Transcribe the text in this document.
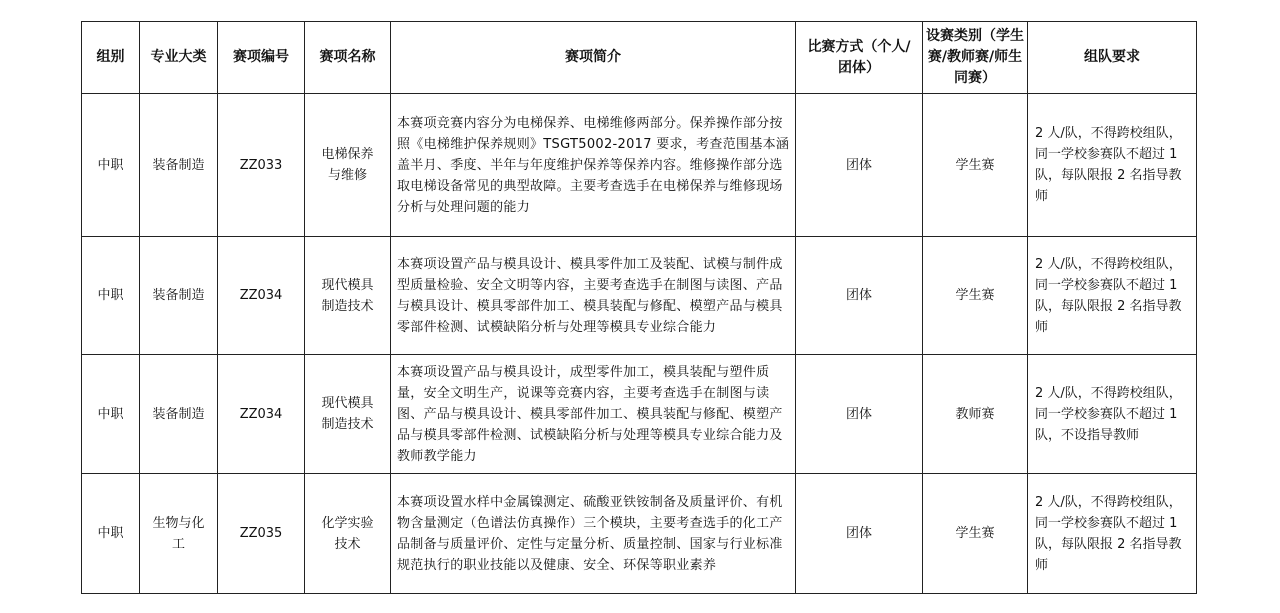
组别	专业大类	赛项编号	赛项名称	赛项简介	比赛方式（个人/团体）	设赛类别（学生赛/教师赛/师生同赛）	组队要求
中职	装备制造	ZZ033	电梯保养与维修	本赛项竞赛内容分为电梯保养、电梯维修两部分。保养操作部分按照《电梯维护保养规则》TSGT5002-2017 要求，考查范围基本涵盖半月、季度、半年与年度维护保养等保养内容。维修操作部分选取电梯设备常见的典型故障。主要考查选手在电梯保养与维修现场分析与处理问题的能力	团体	学生赛	2 人/队，不得跨校组队，同一学校参赛队不超过 1 队，每队限报 2 名指导教师

中职	装备制造	ZZ034	现代模具制造技术	本赛项设置产品与模具设计、模具零件加工及装配、试模与制件成型质量检验、安全文明等内容，主要考查选手在制图与读图、产品与模具设计、模具零部件加工、模具装配与修配、模塑产品与模具零部件检测、试模缺陷分析与处理等模具专业综合能力	团体	学生赛	2 人/队，不得跨校组队，同一学校参赛队不超过 1 队，每队限报 2 名指导教师

中职	装备制造	ZZ034	现代模具制造技术	本赛项设置产品与模具设计，成型零件加工，模具装配与塑件质量，安全文明生产，说课等竞赛内容，主要考查选手在制图与读图、产品与模具设计、模具零部件加工、模具装配与修配、模塑产品与模具零部件检测、试模缺陷分析与处理等模具专业综合能力及教师教学能力	团体	教师赛	2 人/队，不得跨校组队，同一学校参赛队不超过 1 队，不设指导教师

中职	生物与化工	ZZ035	化学实验技术	本赛项设置水样中金属镍测定、硫酸亚铁铵制备及质量评价、有机物含量测定（色谱法仿真操作）三个模块，主要考查选手的化工产品制备与质量评价、定性与定量分析、质量控制、国家与行业标准规范执行的职业技能以及健康、安全、环保等职业素养	团体	学生赛	2 人/队，不得跨校组队，同一学校参赛队不超过 1 队，每队限报 2 名指导教师
